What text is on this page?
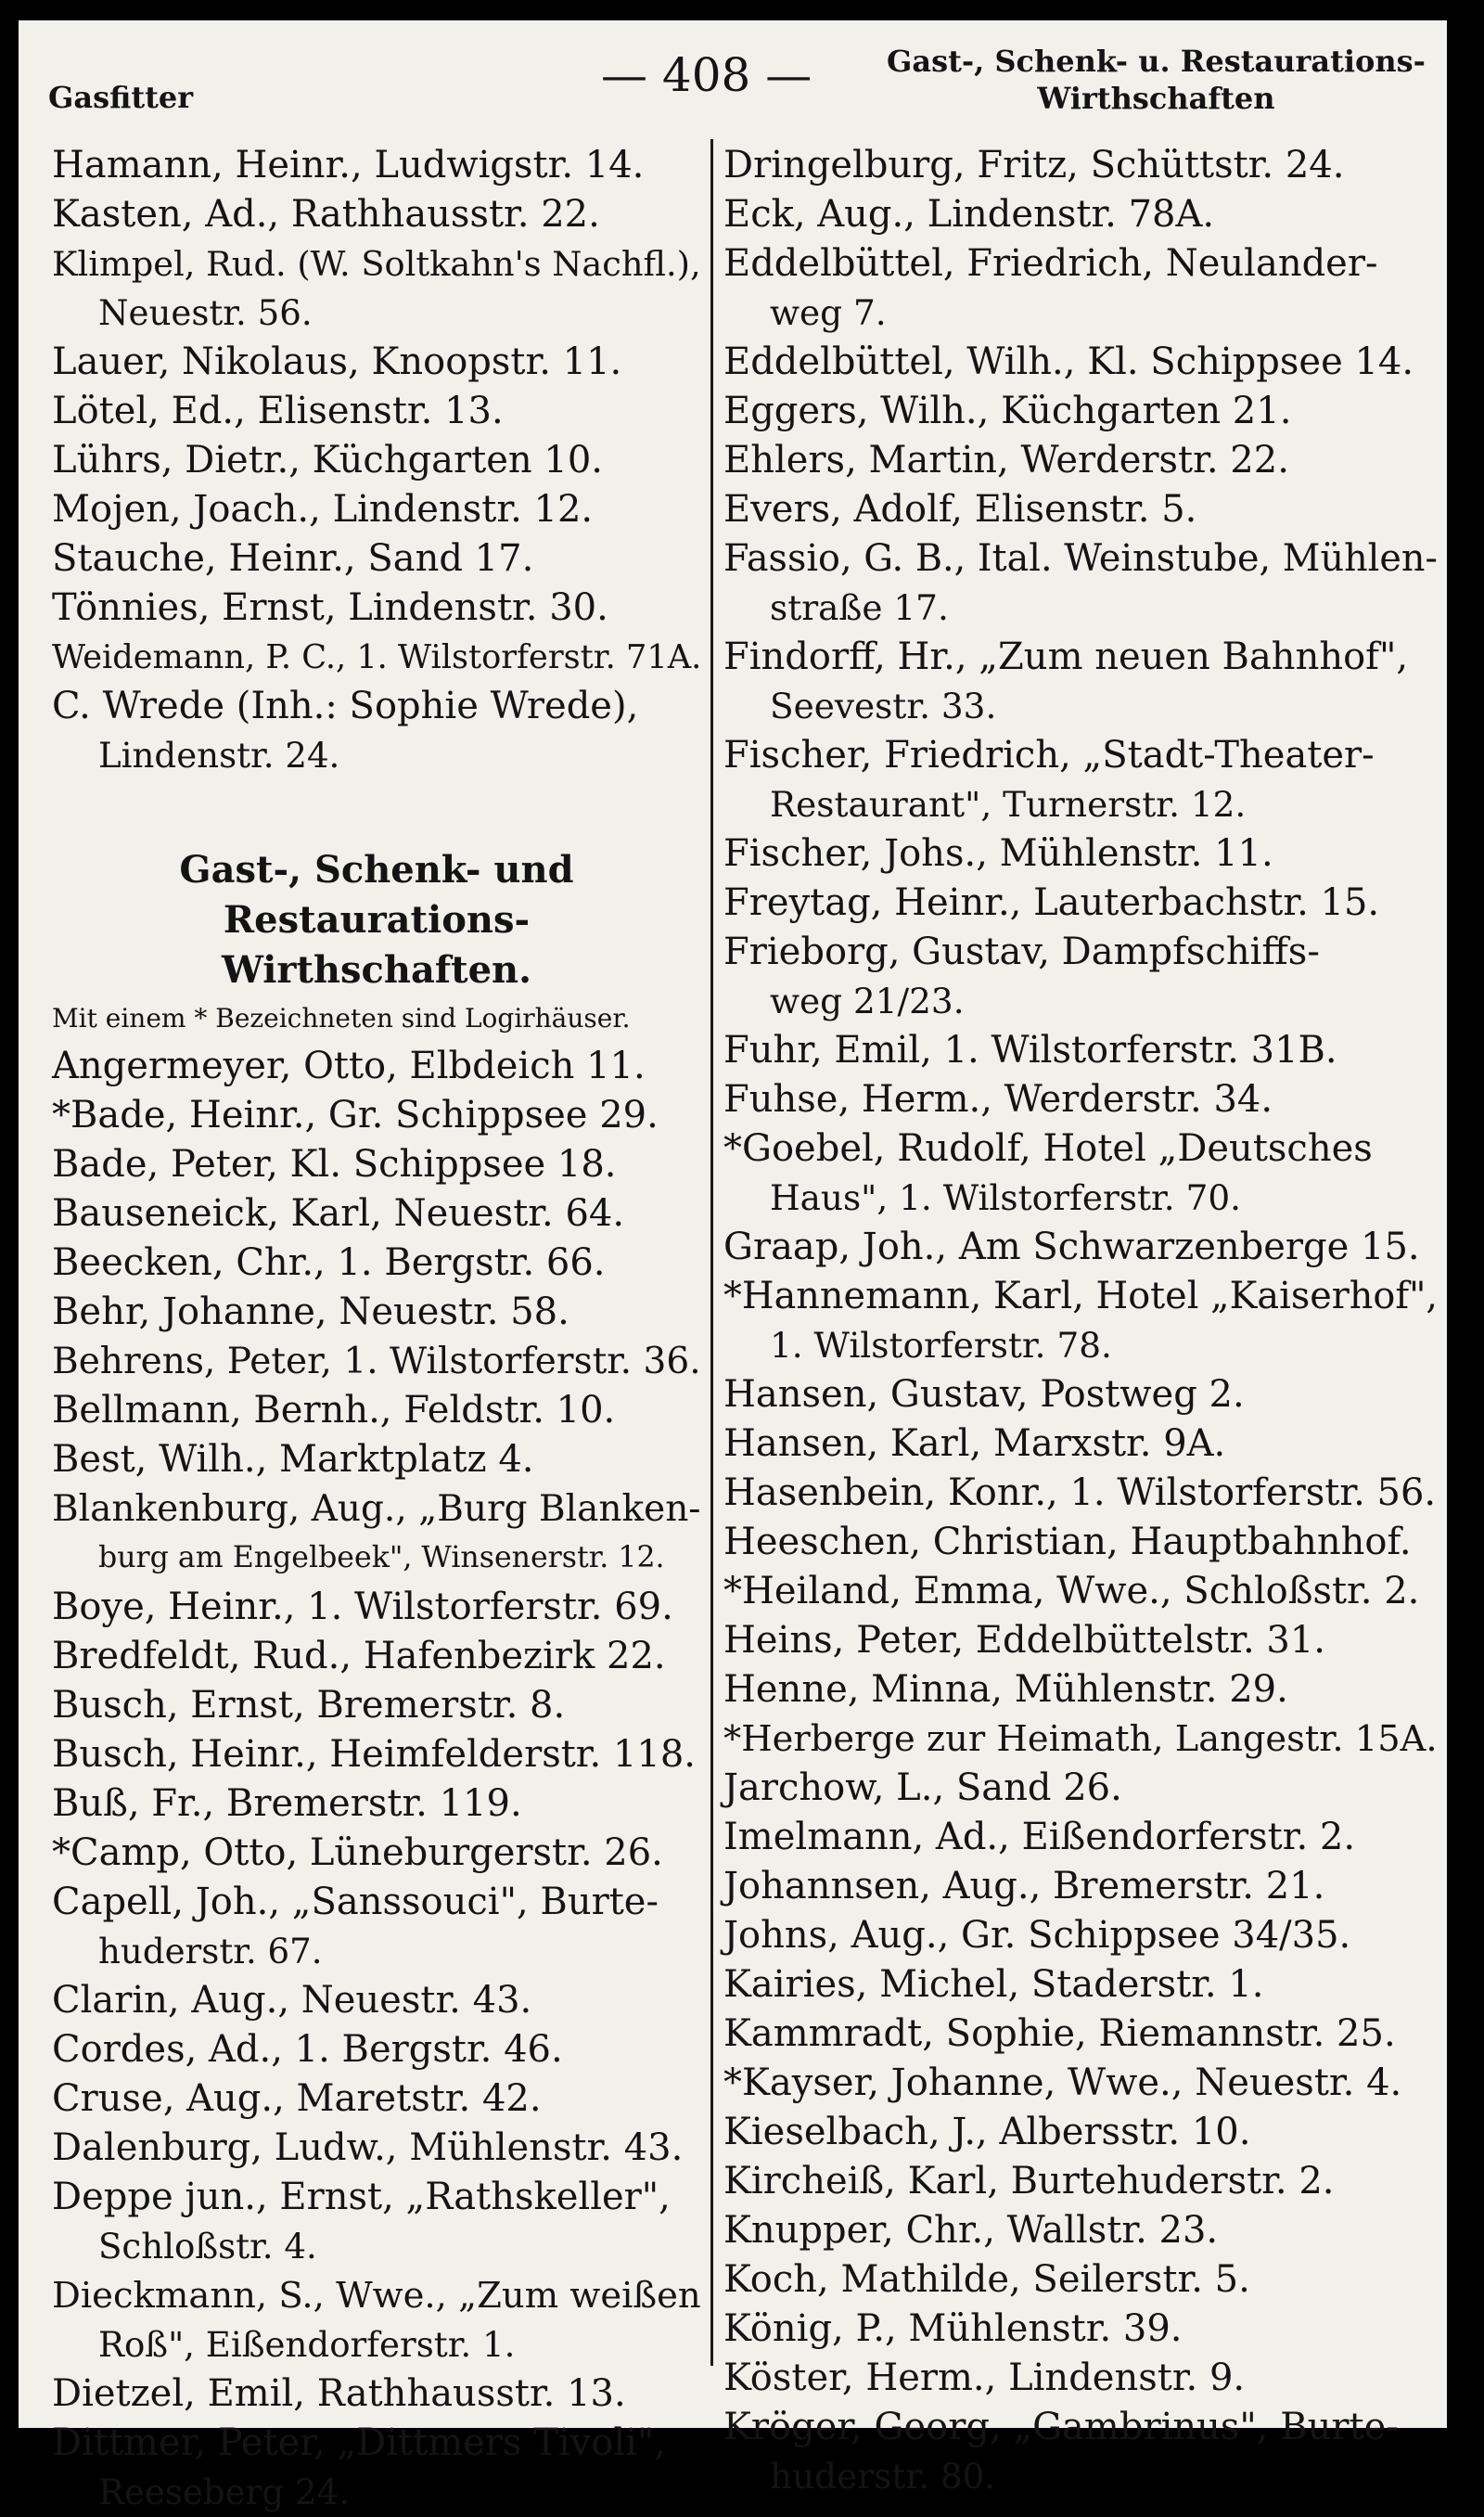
Gasfitter	— 408 —	Gast-, Schenk- u. Restaurations-
Wirthschaften
Hamann, Heinr., Ludwigstr. 14.
Kasten, Ad., Rathhausstr. 22.
Klimpel, Rud. (W. Soltkahn's Nachfl.),
Neuestr. 56.
Lauer, Nikolaus, Knoopstr. 11.
Lötel, Ed., Elisenstr. 13.
Lührs, Dietr., Küchgarten 10.
Mojen, Joach., Lindenstr. 12.
Stauche, Heinr., Sand 17.
Tönnies, Ernst, Lindenstr. 30.
Weidemann, P. C., 1. Wilstorferstr. 71A.
C. Wrede (Inh.: Sophie Wrede),
Lindenstr. 24.
Gast-, Schenk- und Restaurations-
Wirthschaften.
Mit einem * Bezeichneten sind Logirhäuser.
Angermeyer, Otto, Elbdeich 11.
*Bade, Heinr., Gr. Schippsee 29.
Bade, Peter, Kl. Schippsee 18.
Bauseneick, Karl, Neuestr. 64.
Beecken, Chr., 1. Bergstr. 66.
Behr, Johanne, Neuestr. 58.
Behrens, Peter, 1. Wilstorferstr. 36.
Bellmann, Bernh., Feldstr. 10.
Best, Wilh., Marktplatz 4.
Blankenburg, Aug., „Burg Blanken-
burg am Engelbeek", Winsenerstr. 12.
Boye, Heinr., 1. Wilstorferstr. 69.
Bredfeldt, Rud., Hafenbezirk 22.
Busch, Ernst, Bremerstr. 8.
Busch, Heinr., Heimfelderstr. 118.
Buß, Fr., Bremerstr. 119.
*Camp, Otto, Lüneburgerstr. 26.
Capell, Joh., „Sanssouci", Burte-
huderstr. 67.
Clarin, Aug., Neuestr. 43.
Cordes, Ad., 1. Bergstr. 46.
Cruse, Aug., Maretstr. 42.
Dalenburg, Ludw., Mühlenstr. 43.
Deppe jun., Ernst, „Rathskeller",
Schloßstr. 4.
Dieckmann, S., Wwe., „Zum weißen
Roß", Eißendorferstr. 1.
Dietzel, Emil, Rathhausstr. 13.
Dittmer, Peter, „Dittmers Tivoli",
Reeseberg 24.
Dringelburg, Fritz, Schüttstr. 24.
Eck, Aug., Lindenstr. 78A.
Eddelbüttel, Friedrich, Neulander-
weg 7.
Eddelbüttel, Wilh., Kl. Schippsee 14.
Eggers, Wilh., Küchgarten 21.
Ehlers, Martin, Werderstr. 22.
Evers, Adolf, Elisenstr. 5.
Fassio, G. B., Ital. Weinstube, Mühlen-
straße 17.
Findorff, Hr., „Zum neuen Bahnhof",
Seevestr. 33.
Fischer, Friedrich, „Stadt-Theater-
Restaurant", Turnerstr. 12.
Fischer, Johs., Mühlenstr. 11.
Freytag, Heinr., Lauterbachstr. 15.
Frieborg, Gustav, Dampfschiffs-
weg 21/23.
Fuhr, Emil, 1. Wilstorferstr. 31B.
Fuhse, Herm., Werderstr. 34.
*Goebel, Rudolf, Hotel „Deutsches
Haus", 1. Wilstorferstr. 70.
Graap, Joh., Am Schwarzenberge 15.
*Hannemann, Karl, Hotel „Kaiserhof",
1. Wilstorferstr. 78.
Hansen, Gustav, Postweg 2.
Hansen, Karl, Marxstr. 9A.
Hasenbein, Konr., 1. Wilstorferstr. 56.
Heeschen, Christian, Hauptbahnhof.
*Heiland, Emma, Wwe., Schloßstr. 2.
Heins, Peter, Eddelbüttelstr. 31.
Henne, Minna, Mühlenstr. 29.
*Herberge zur Heimath, Langestr. 15A.
Jarchow, L., Sand 26.
Imelmann, Ad., Eißendorferstr. 2.
Johannsen, Aug., Bremerstr. 21.
Johns, Aug., Gr. Schippsee 34/35.
Kairies, Michel, Staderstr. 1.
Kammradt, Sophie, Riemannstr. 25.
*Kayser, Johanne, Wwe., Neuestr. 4.
Kieselbach, J., Albersstr. 10.
Kircheiß, Karl, Burtehuderstr. 2.
Knupper, Chr., Wallstr. 23.
Koch, Mathilde, Seilerstr. 5.
König, P., Mühlenstr. 39.
Köster, Herm., Lindenstr. 9.
Kröger, Georg, „Gambrinus", Burte-
huderstr. 80.
